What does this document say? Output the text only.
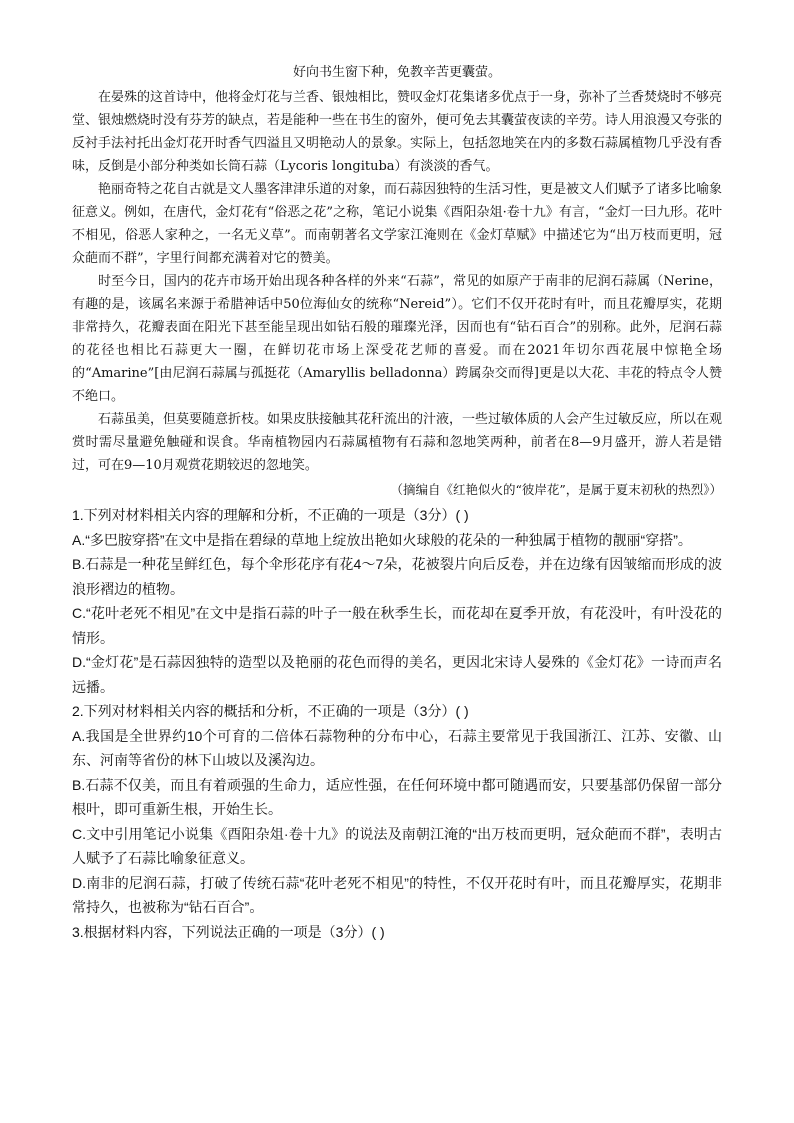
好向书生窗下种，免教辛苦更囊萤。

在晏殊的这首诗中，他将金灯花与兰香、银烛相比，赞叹金灯花集诸多优点于一身，弥补了兰香焚烧时不够亮堂、银烛燃烧时没有芬芳的缺点，若是能种一些在书生的窗外，便可免去其囊萤夜读的辛劳。诗人用浪漫又夸张的反衬手法衬托出金灯花开时香气四溢且又明艳动人的景象。实际上，包括忽地笑在内的多数石蒜属植物几乎没有香味，反倒是小部分种类如长筒石蒜（Lycoris longituba）有淡淡的香气。

艳丽奇特之花自古就是文人墨客津津乐道的对象，而石蒜因独特的生活习性，更是被文人们赋予了诸多比喻象征意义。例如，在唐代，金灯花有“俗恶之花”之称，笔记小说集《酉阳杂俎·卷十九》有言，“金灯一曰九形。花叶不相见，俗恶人家种之，一名无义草”。而南朝著名文学家江淹则在《金灯草赋》中描述它为“出万枝而更明，冠众葩而不群”，字里行间都充满着对它的赞美。

时至今日，国内的花卉市场开始出现各种各样的外来“石蒜”，常见的如原产于南非的尼润石蒜属（Nerine，有趣的是，该属名来源于希腊神话中50位海仙女的统称“Nereid”）。它们不仅开花时有叶，而且花瓣厚实，花期非常持久，花瓣表面在阳光下甚至能呈现出如钻石般的璀璨光泽，因而也有“钻石百合”的别称。此外，尼润石蒜的花径也相比石蒜更大一圈，在鲜切花市场上深受花艺师的喜爱。而在2021年切尔西花展中惊艳全场的“Amarine”[由尼润石蒜属与孤挺花（Amaryllis belladonna）跨属杂交而得]更是以大花、丰花的特点令人赞不绝口。

石蒜虽美，但莫要随意折枝。如果皮肤接触其花秆流出的汁液，一些过敏体质的人会产生过敏反应，所以在观赏时需尽量避免触碰和误食。华南植物园内石蒜属植物有石蒜和忽地笑两种，前者在8—9月盛开，游人若是错过，可在9—10月观赏花期较迟的忽地笑。

（摘编自《红艳似火的“彼岸花”，是属于夏末初秋的热烈》）

1.下列对材料相关内容的理解和分析，不正确的一项是（3分）( )

A.“多巴胺穿搭”在文中是指在碧绿的草地上绽放出艳如火球般的花朵的一种独属于植物的靓丽“穿搭”。

B.石蒜是一种花呈鲜红色，每个伞形花序有花4～7朵，花被裂片向后反卷，并在边缘有因皱缩而形成的波浪形褶边的植物。

C.“花叶老死不相见”在文中是指石蒜的叶子一般在秋季生长，而花却在夏季开放，有花没叶，有叶没花的情形。

D.“金灯花”是石蒜因独特的造型以及艳丽的花色而得的美名，更因北宋诗人晏殊的《金灯花》一诗而声名远播。

2.下列对材料相关内容的概括和分析，不正确的一项是（3分）( )

A.我国是全世界约10个可育的二倍体石蒜物种的分布中心，石蒜主要常见于我国浙江、江苏、安徽、山东、河南等省份的林下山坡以及溪沟边。

B.石蒜不仅美，而且有着顽强的生命力，适应性强，在任何环境中都可随遇而安，只要基部仍保留一部分根叶，即可重新生根，开始生长。

C.文中引用笔记小说集《酉阳杂俎·卷十九》的说法及南朝江淹的“出万枝而更明，冠众葩而不群”，表明古人赋予了石蒜比喻象征意义。

D.南非的尼润石蒜，打破了传统石蒜“花叶老死不相见”的特性，不仅开花时有叶，而且花瓣厚实，花期非常持久，也被称为“钻石百合”。

3.根据材料内容，下列说法正确的一项是（3分）( )
